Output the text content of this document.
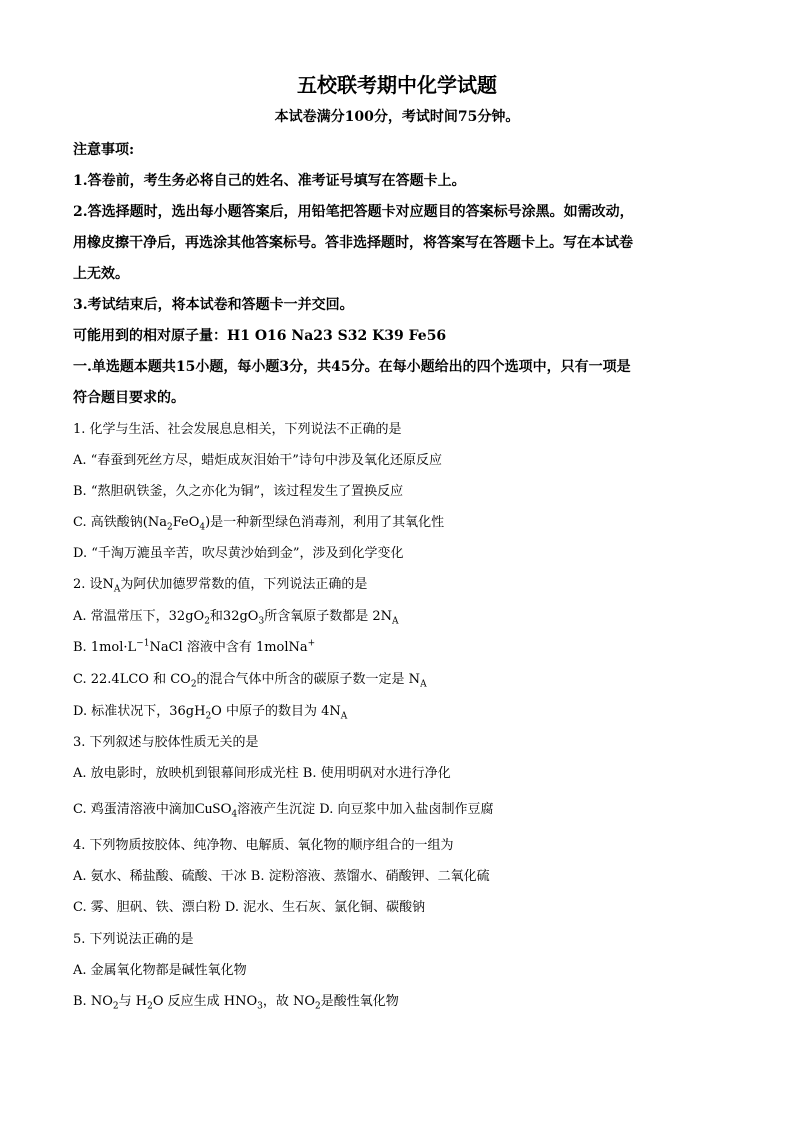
五校联考期中化学试题
本试卷满分100分，考试时间75分钟。
注意事项:
1.答卷前，考生务必将自己的姓名、准考证号填写在答题卡上。
2.答选择题时，选出每小题答案后，用铅笔把答题卡对应题目的答案标号涂黑。如需改动，
用橡皮擦干净后，再选涂其他答案标号。答非选择题时，将答案写在答题卡上。写在本试卷
上无效。
3.考试结束后，将本试卷和答题卡一并交回。
可能用到的相对原子量：H1 O16 Na23 S32 K39 Fe56
一.单选题本题共15小题，每小题3分，共45分。在每小题给出的四个选项中，只有一项是
符合题目要求的。
1. 化学与生活、社会发展息息相关，下列说法不正确的是
A. “春蚕到死丝方尽，蜡炬成灰泪始干”诗句中涉及氧化还原反应
B. “熬胆矾铁釜，久之亦化为铜”，该过程发生了置换反应
C. 高铁酸钠$(Na_2FeO_4)$是一种新型绿色消毒剂，利用了其氧化性
D. “千淘万漉虽辛苦，吹尽黄沙始到金”，涉及到化学变化
2. 设$N_A$为阿伏加德罗常数的值，下列说法正确的是
A. 常温常压下，$32gO_2$和$32gO_3$所含氧原子数都是 $2N_A$
B. $1mol\cdot L^{-1}NaCl$ 溶液中含有 1molNa+
C. 22.4LCO 和 $CO_2$的混合气体中所含的碳原子数一定是 $N_A$
D. 标准状况下，$36gH_2O$ 中原子的数目为 $4N_A$
3. 下列叙述与胶体性质无关的是
A. 放电影时，放映机到银幕间形成光柱 B. 使用明矾对水进行净化
C. 鸡蛋清溶液中滴加CuSO$_4$溶液产生沉淀 D. 向豆浆中加入盐卤制作豆腐
4. 下列物质按胶体、纯净物、电解质、氧化物的顺序组合的一组为
A. 氨水、稀盐酸、硫酸、干冰 B. 淀粉溶液、蒸馏水、硝酸钾、二氧化硫
C. 雾、胆矾、铁、漂白粉 D. 泥水、生石灰、氯化铜、碳酸钠
5. 下列说法正确的是
A. 金属氧化物都是碱性氧化物
B. $NO_2$与 $H_2O$ 反应生成 $HNO_3$，故 $NO_2$是酸性氧化物
